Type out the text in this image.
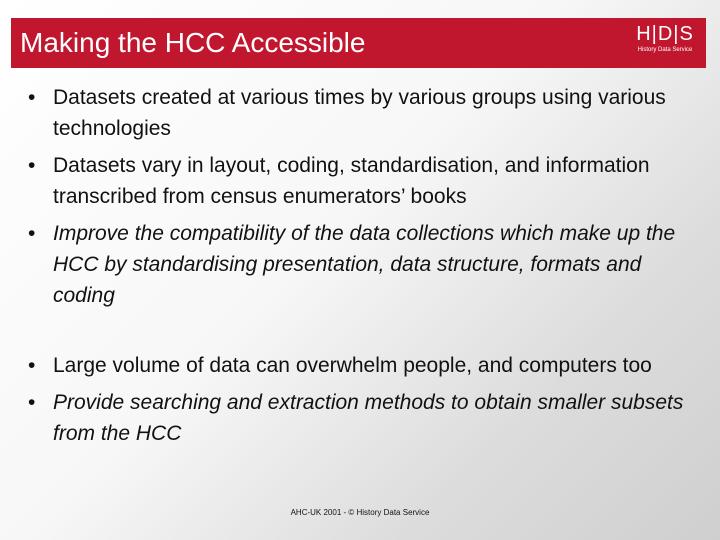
Making the HCC Accessible	H|D|S
History Data Service
• Datasets created at various times by various groups using various technologies
• Datasets vary in layout, coding, standardisation, and information transcribed from census enumerators’ books
• Improve the compatibility of the data collections which make up the HCC by standardising presentation, data structure, formats and coding
• Large volume of data can overwhelm people, and computers too
• Provide searching and extraction methods to obtain smaller subsets from the HCC
AHC-UK 2001 - © History Data Service
